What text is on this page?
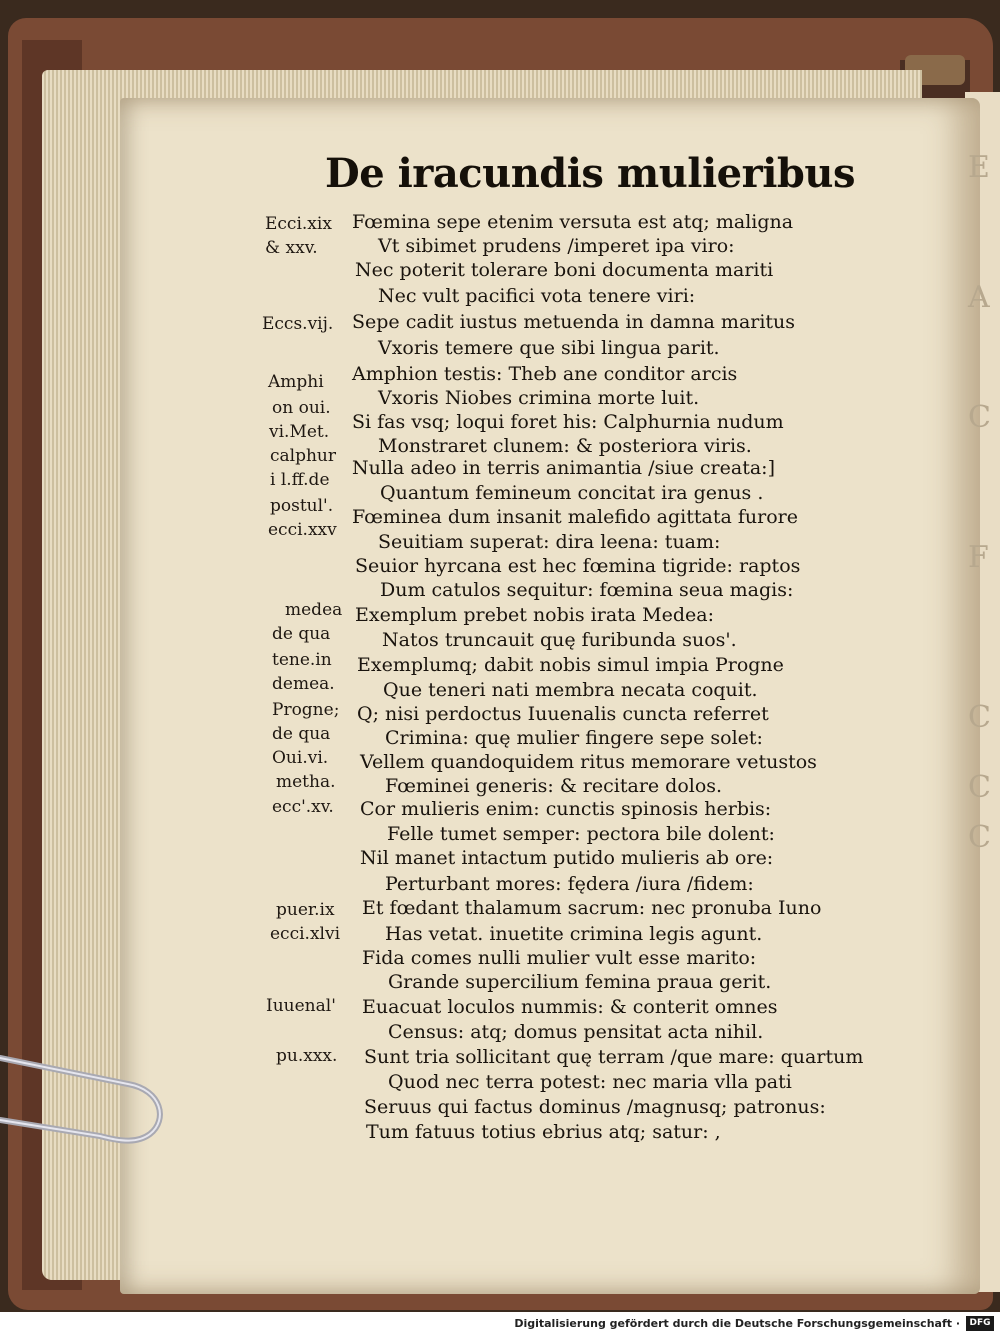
E
A
C
F
C
C
C
De iracundis mulieribus
Fœmina sepe etenim versuta est atq; maligna
Vt sibimet prudens /imperet ipa viro:
Nec poterit tolerare boni documenta mariti
Nec vult pacifici vota tenere viri:
Sepe cadit iustus metuenda in damna maritus
Vxoris temere que sibi lingua parit.
Amphion testis: Theb ane conditor arcis
Vxoris Niobes crimina morte luit.
Si fas vsq; loqui foret his: Calphurnia nudum
Monstraret clunem: & posteriora viris.
Nulla adeo in terris animantia /siue creata:]
Quantum femineum concitat ira genus .
Fœminea dum insanit malefido agittata furore
Seuitiam superat: dira leena: tuam:
Seuior hyrcana est hec fœmina tigride: raptos
Dum catulos sequitur: fœmina seua magis:
Exemplum prebet nobis irata Medea:
Natos truncauit quę furibunda suos'.
Exemplumq; dabit nobis simul impia Progne
Que teneri nati membra necata coquit.
Q; nisi perdoctus Iuuenalis cuncta referret
Crimina: quę mulier fingere sepe solet:
Vellem quandoquidem ritus memorare vetustos
Fœminei generis: & recitare dolos.
Cor mulieris enim: cunctis spinosis herbis:
Felle tumet semper: pectora bile dolent:
Nil manet intactum putido mulieris ab ore:
Perturbant mores: fędera /iura /fidem:
Et fœdant thalamum sacrum: nec pronuba Iuno
Has vetat. inuetite crimina legis agunt.
Fida comes nulli mulier vult esse marito:
Grande supercilium femina praua gerit.
Euacuat loculos nummis: & conterit omnes
Census: atq; domus pensitat acta nihil.
Sunt tria sollicitant quę terram /que mare: quartum
Quod nec terra potest: nec maria vlla pati
Seruus qui factus dominus /magnusq; patronus:
Tum fatuus totius ebrius atq; satur: ,
Ecci.xix
& xxv.
Eccs.vij.
Amphi
on oui.
vi.Met.
calphur
i l.ff.de
postul'.
ecci.xxv
medea
de qua
tene.in
demea.
Progne;
de qua
Oui.vi.
metha.
ecc'.xv.
puer.ix
ecci.xlvi
Iuuenal'
pu.xxx.
Digitalisierung gefördert durch die Deutsche Forschungsgemeinschaft ·	DFG
